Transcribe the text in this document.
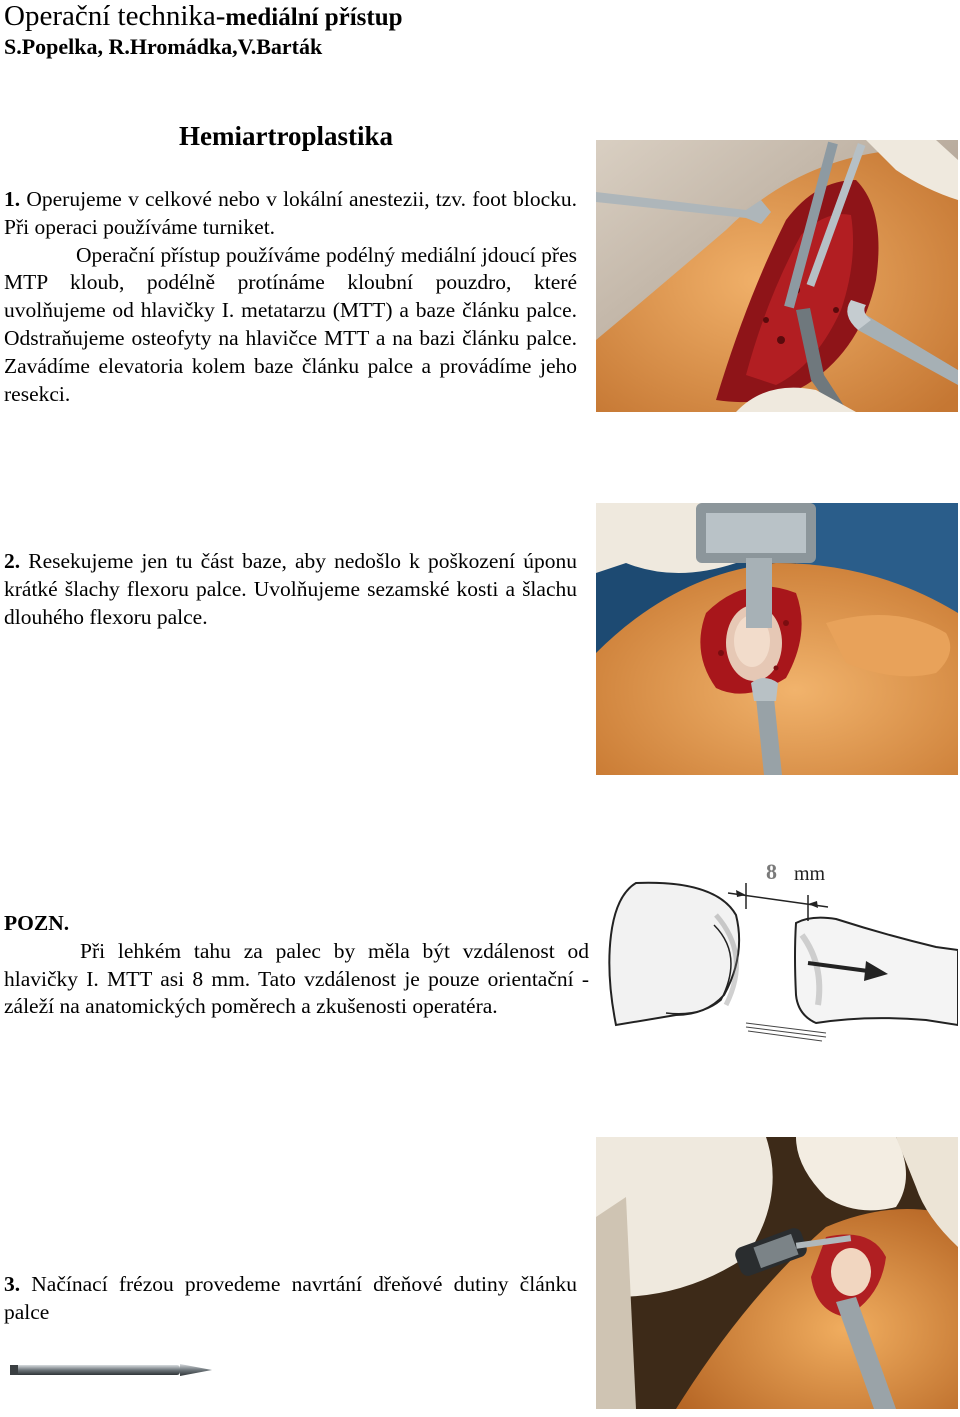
Operační technika-mediální přístup
S.Popelka, R.Hromádka,V.Barták
Hemiartroplastika

1. Operujeme v celkové nebo v lokální anestezii, tzv. foot blocku. Při operaci používáme turniket.

Operační přístup používáme podélný mediální jdoucí přes MTP kloub, podélně protínáme kloubní pouzdro, které uvolňujeme od hlavičky I. metatarzu (MTT) a baze článku palce. Odstraňujeme osteofyty na hlavičce MTT a na bazi článku palce. Zavádíme elevatoria kolem baze článku palce a provádíme jeho resekci.

2. Resekujeme jen tu část baze, aby nedošlo k poškození úponu krátké šlachy flexoru palce. Uvolňujeme sezamské kosti a šlachu dlouhého flexoru palce.

POZN.

Při lehkém tahu za palec by měla být vzdálenost od hlavičky I. MTT asi 8 mm. Tato vzdálenost je pouze orientační - záleží na anatomických poměrech a zkušenosti operatéra.

8 mm

3. Načínací frézou provedeme navrtání dřeňové dutiny článku palce
